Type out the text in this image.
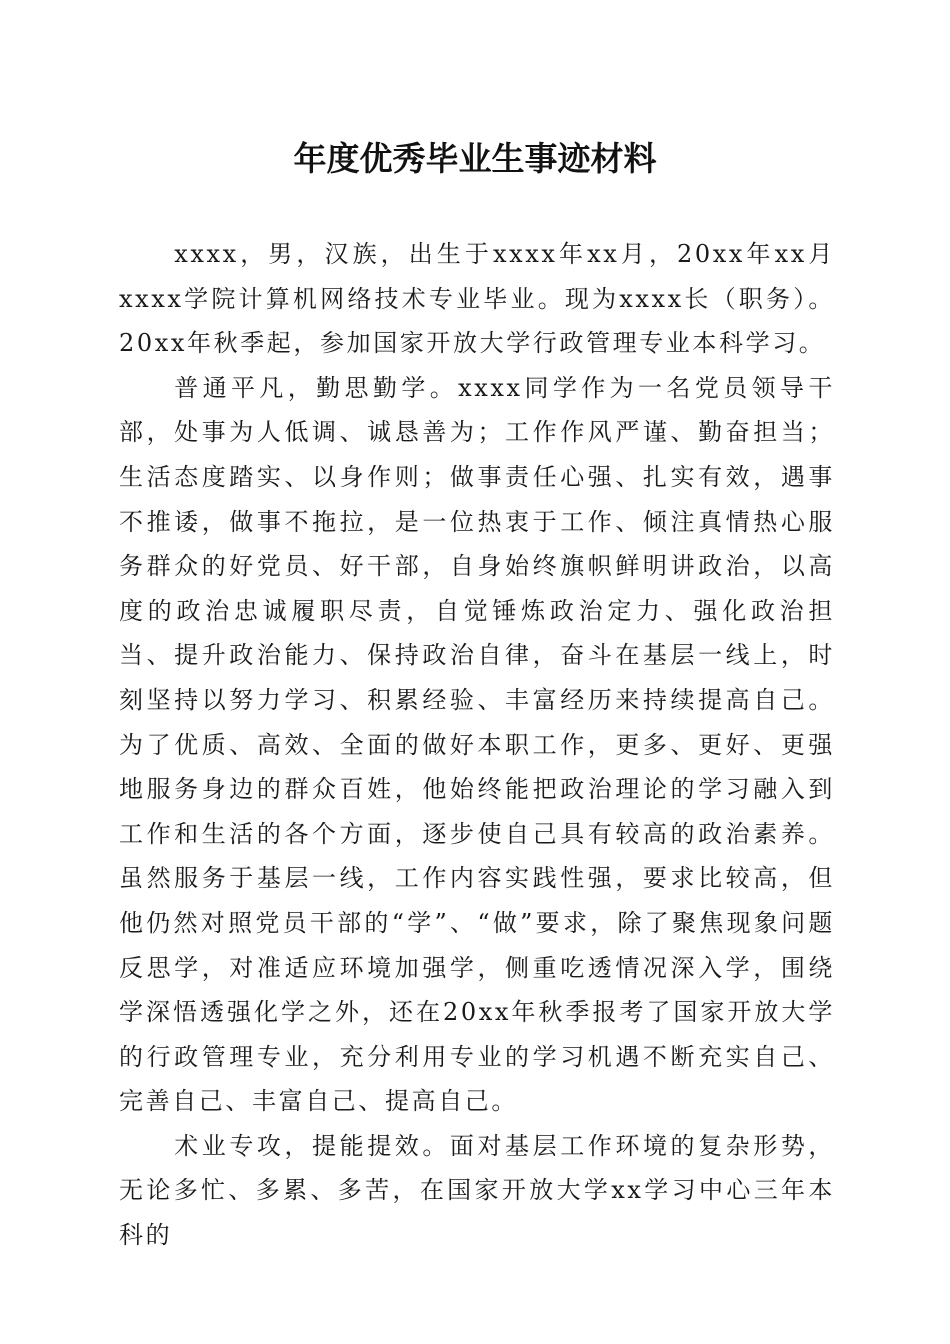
年度优秀毕业生事迹材料

xxxx，男，汉族，出生于xxxx年xx月，20xx年xx月xxxx学院计算机网络技术专业毕业。现为xxxx长（职务）。20xx年秋季起，参加国家开放大学行政管理专业本科学习。

普通平凡，勤思勤学。xxxx同学作为一名党员领导干部，处事为人低调、诚恳善为；工作作风严谨、勤奋担当；生活态度踏实、以身作则；做事责任心强、扎实有效，遇事不推诿，做事不拖拉，是一位热衷于工作、倾注真情热心服务群众的好党员、好干部，自身始终旗帜鲜明讲政治，以高度的政治忠诚履职尽责，自觉锤炼政治定力、强化政治担当、提升政治能力、保持政治自律，奋斗在基层一线上，时刻坚持以努力学习、积累经验、丰富经历来持续提高自己。为了优质、高效、全面的做好本职工作，更多、更好、更强地服务身边的群众百姓，他始终能把政治理论的学习融入到工作和生活的各个方面，逐步使自己具有较高的政治素养。虽然服务于基层一线，工作内容实践性强，要求比较高，但他仍然对照党员干部的“学”、“做”要求，除了聚焦现象问题反思学，对准适应环境加强学，侧重吃透情况深入学，围绕学深悟透强化学之外，还在20xx年秋季报考了国家开放大学的行政管理专业，充分利用专业的学习机遇不断充实自己、完善自己、丰富自己、提高自己。

术业专攻，提能提效。面对基层工作环境的复杂形势，无论多忙、多累、多苦，在国家开放大学xx学习中心三年本科的
